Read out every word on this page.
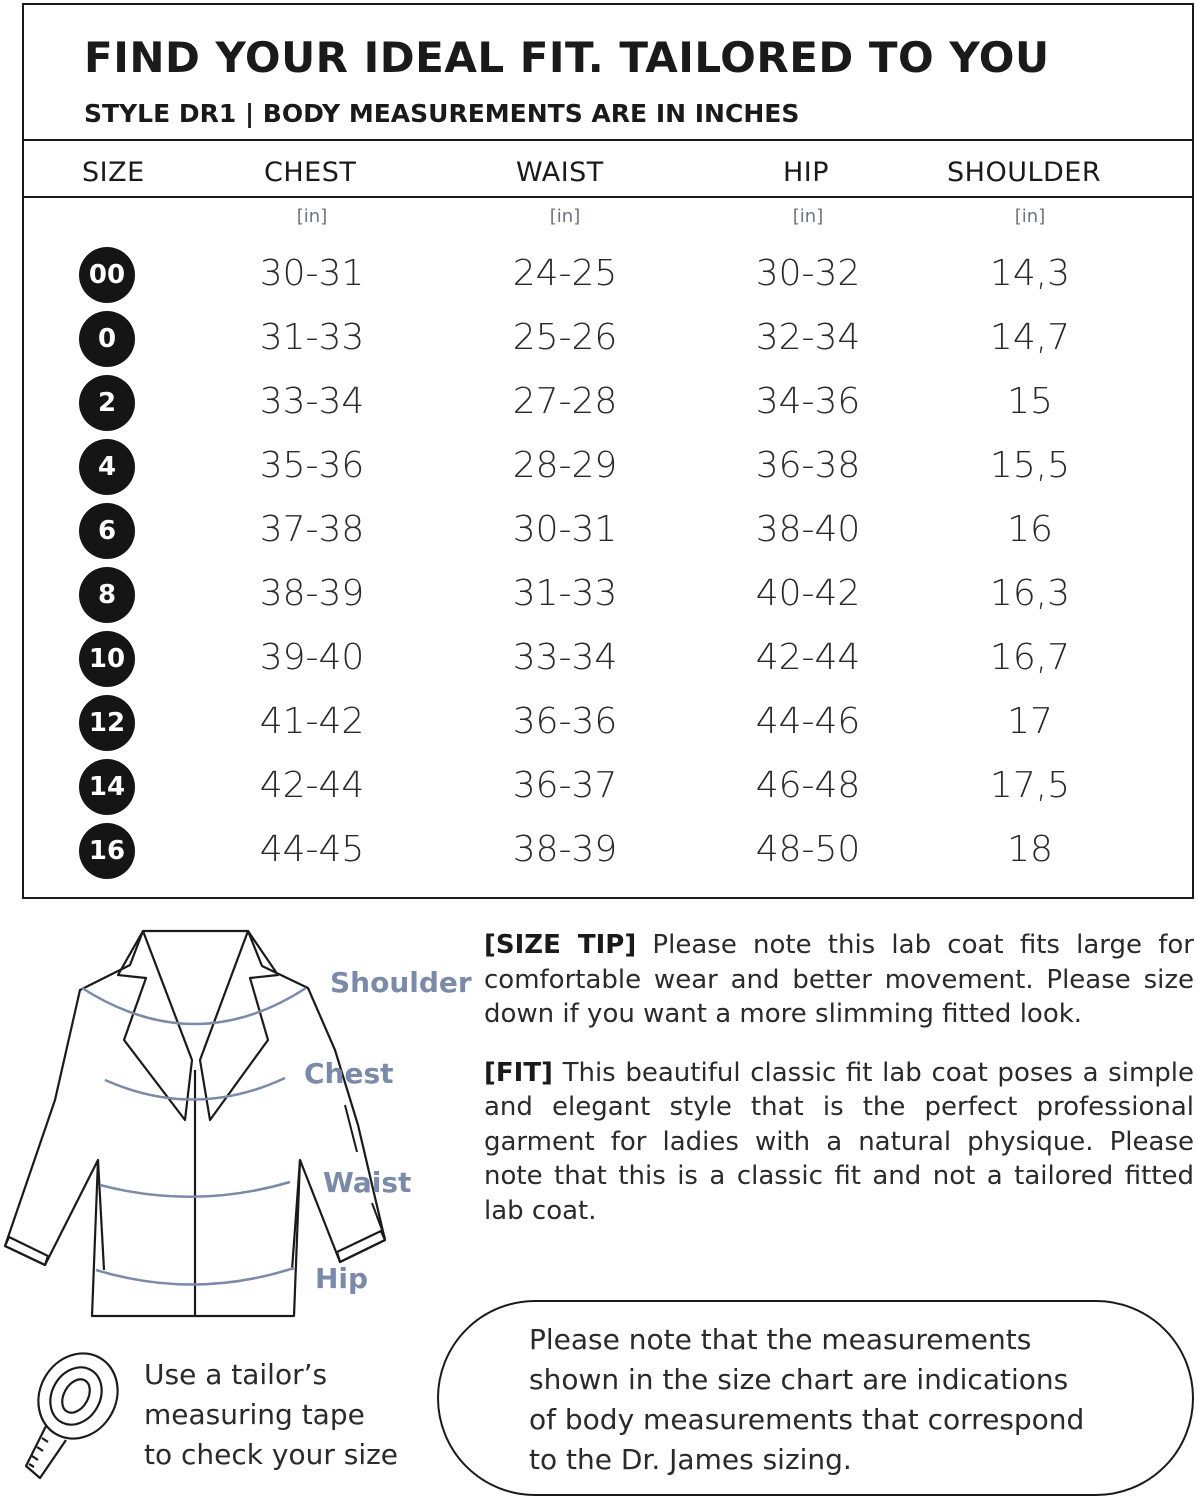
FIND YOUR IDEAL FIT. TAILORED TO YOU
STYLE DR1 | BODY MEASUREMENTS ARE IN INCHES
SIZE	CHEST	WAIST	HIP	SHOULDER
[in]	[in]	[in]	[in]
00	30-31	24-25	30-32	14,3
0	31-33	25-26	32-34	14,7
2	33-34	27-28	34-36	15
4	35-36	28-29	36-38	15,5
6	37-38	30-31	38-40	16
8	38-39	31-33	40-42	16,3
10	39-40	33-34	42-44	16,7
12	41-42	36-36	44-46	17
14	42-44	36-37	46-48	17,5
16	44-45	38-39	48-50	18
Shoulder
Chest
Waist
Hip

[SIZE TIP] Please note this lab coat fits large for comfortable wear and better movement. Please size down if you want a more slimming fitted look.

[FIT] This beautiful classic fit lab coat poses a simple and elegant style that is the perfect professional garment for ladies with a natural physique. Please note that this is a classic fit and not a tailored fitted lab coat.

Use a tailor’s
measuring tape
to check your size
Please note that the measurements
shown in the size chart are indications
of body measurements that correspond
to the Dr. James sizing.
